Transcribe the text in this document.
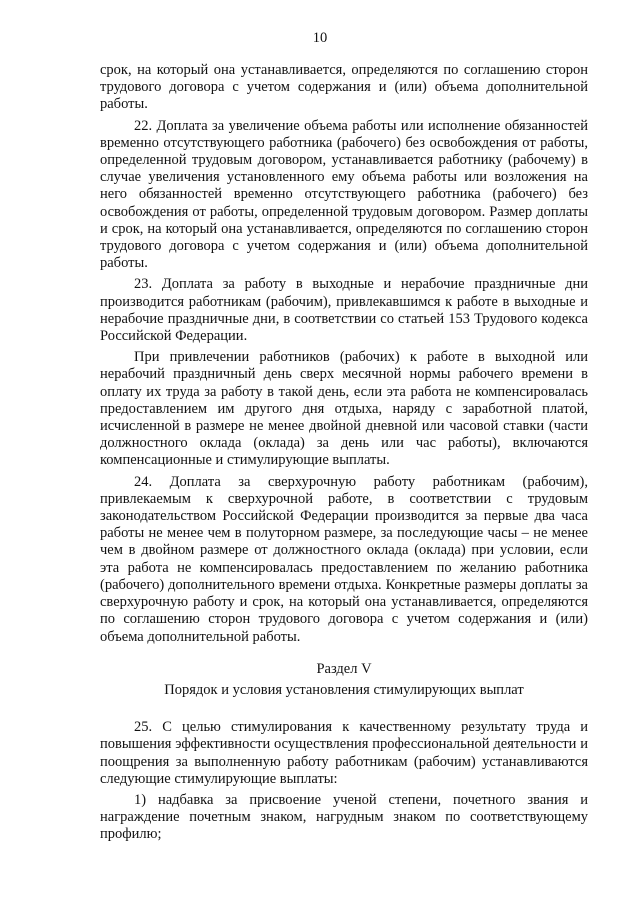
10

срок, на который она устанавливается, определяются по соглашению сторон трудового договора с учетом содержания и (или) объема дополнительной работы.

22. Доплата за увеличение объема работы или исполнение обязанностей временно отсутствующего работника (рабочего) без освобождения от работы, определенной трудовым договором, устанавливается работнику (рабочему) в случае увеличения установленного ему объема работы или возложения на него обязанностей временно отсутствующего работника (рабочего) без освобождения от работы, определенной трудовым договором. Размер доплаты и срок, на который она устанавливается, определяются по соглашению сторон трудового договора с учетом содержания и (или) объема дополнительной работы.

23. Доплата за работу в выходные и нерабочие праздничные дни производится работникам (рабочим), привлекавшимся к работе в выходные и нерабочие праздничные дни, в соответствии со статьей 153 Трудового кодекса Российской Федерации.

При привлечении работников (рабочих) к работе в выходной или нерабочий праздничный день сверх месячной нормы рабочего времени в оплату их труда за работу в такой день, если эта работа не компенсировалась предоставлением им другого дня отдыха, наряду с заработной платой, исчисленной в размере не менее двойной дневной или часовой ставки (части должностного оклада (оклада) за день или час работы), включаются компенсационные и стимулирующие выплаты.

24. Доплата за сверхурочную работу работникам (рабочим), привлекаемым к сверхурочной работе, в соответствии с трудовым законодательством Российской Федерации производится за первые два часа работы не менее чем в полуторном размере, за последующие часы – не менее чем в двойном размере от должностного оклада (оклада) при условии, если эта работа не компенсировалась предоставлением по желанию работника (рабочего) дополнительного времени отдыха. Конкретные размеры доплаты за сверхурочную работу и срок, на который она устанавливается, определяются по соглашению сторон трудового договора с учетом содержания и (или) объема дополнительной работы.

Раздел V

Порядок и условия установления стимулирующих выплат

25. С целью стимулирования к качественному результату труда и повышения эффективности осуществления профессиональной деятельности и поощрения за выполненную работу работникам (рабочим) устанавливаются следующие стимулирующие выплаты:

1) надбавка за присвоение ученой степени, почетного звания и награждение почетным знаком, нагрудным знаком по соответствующему профилю;
